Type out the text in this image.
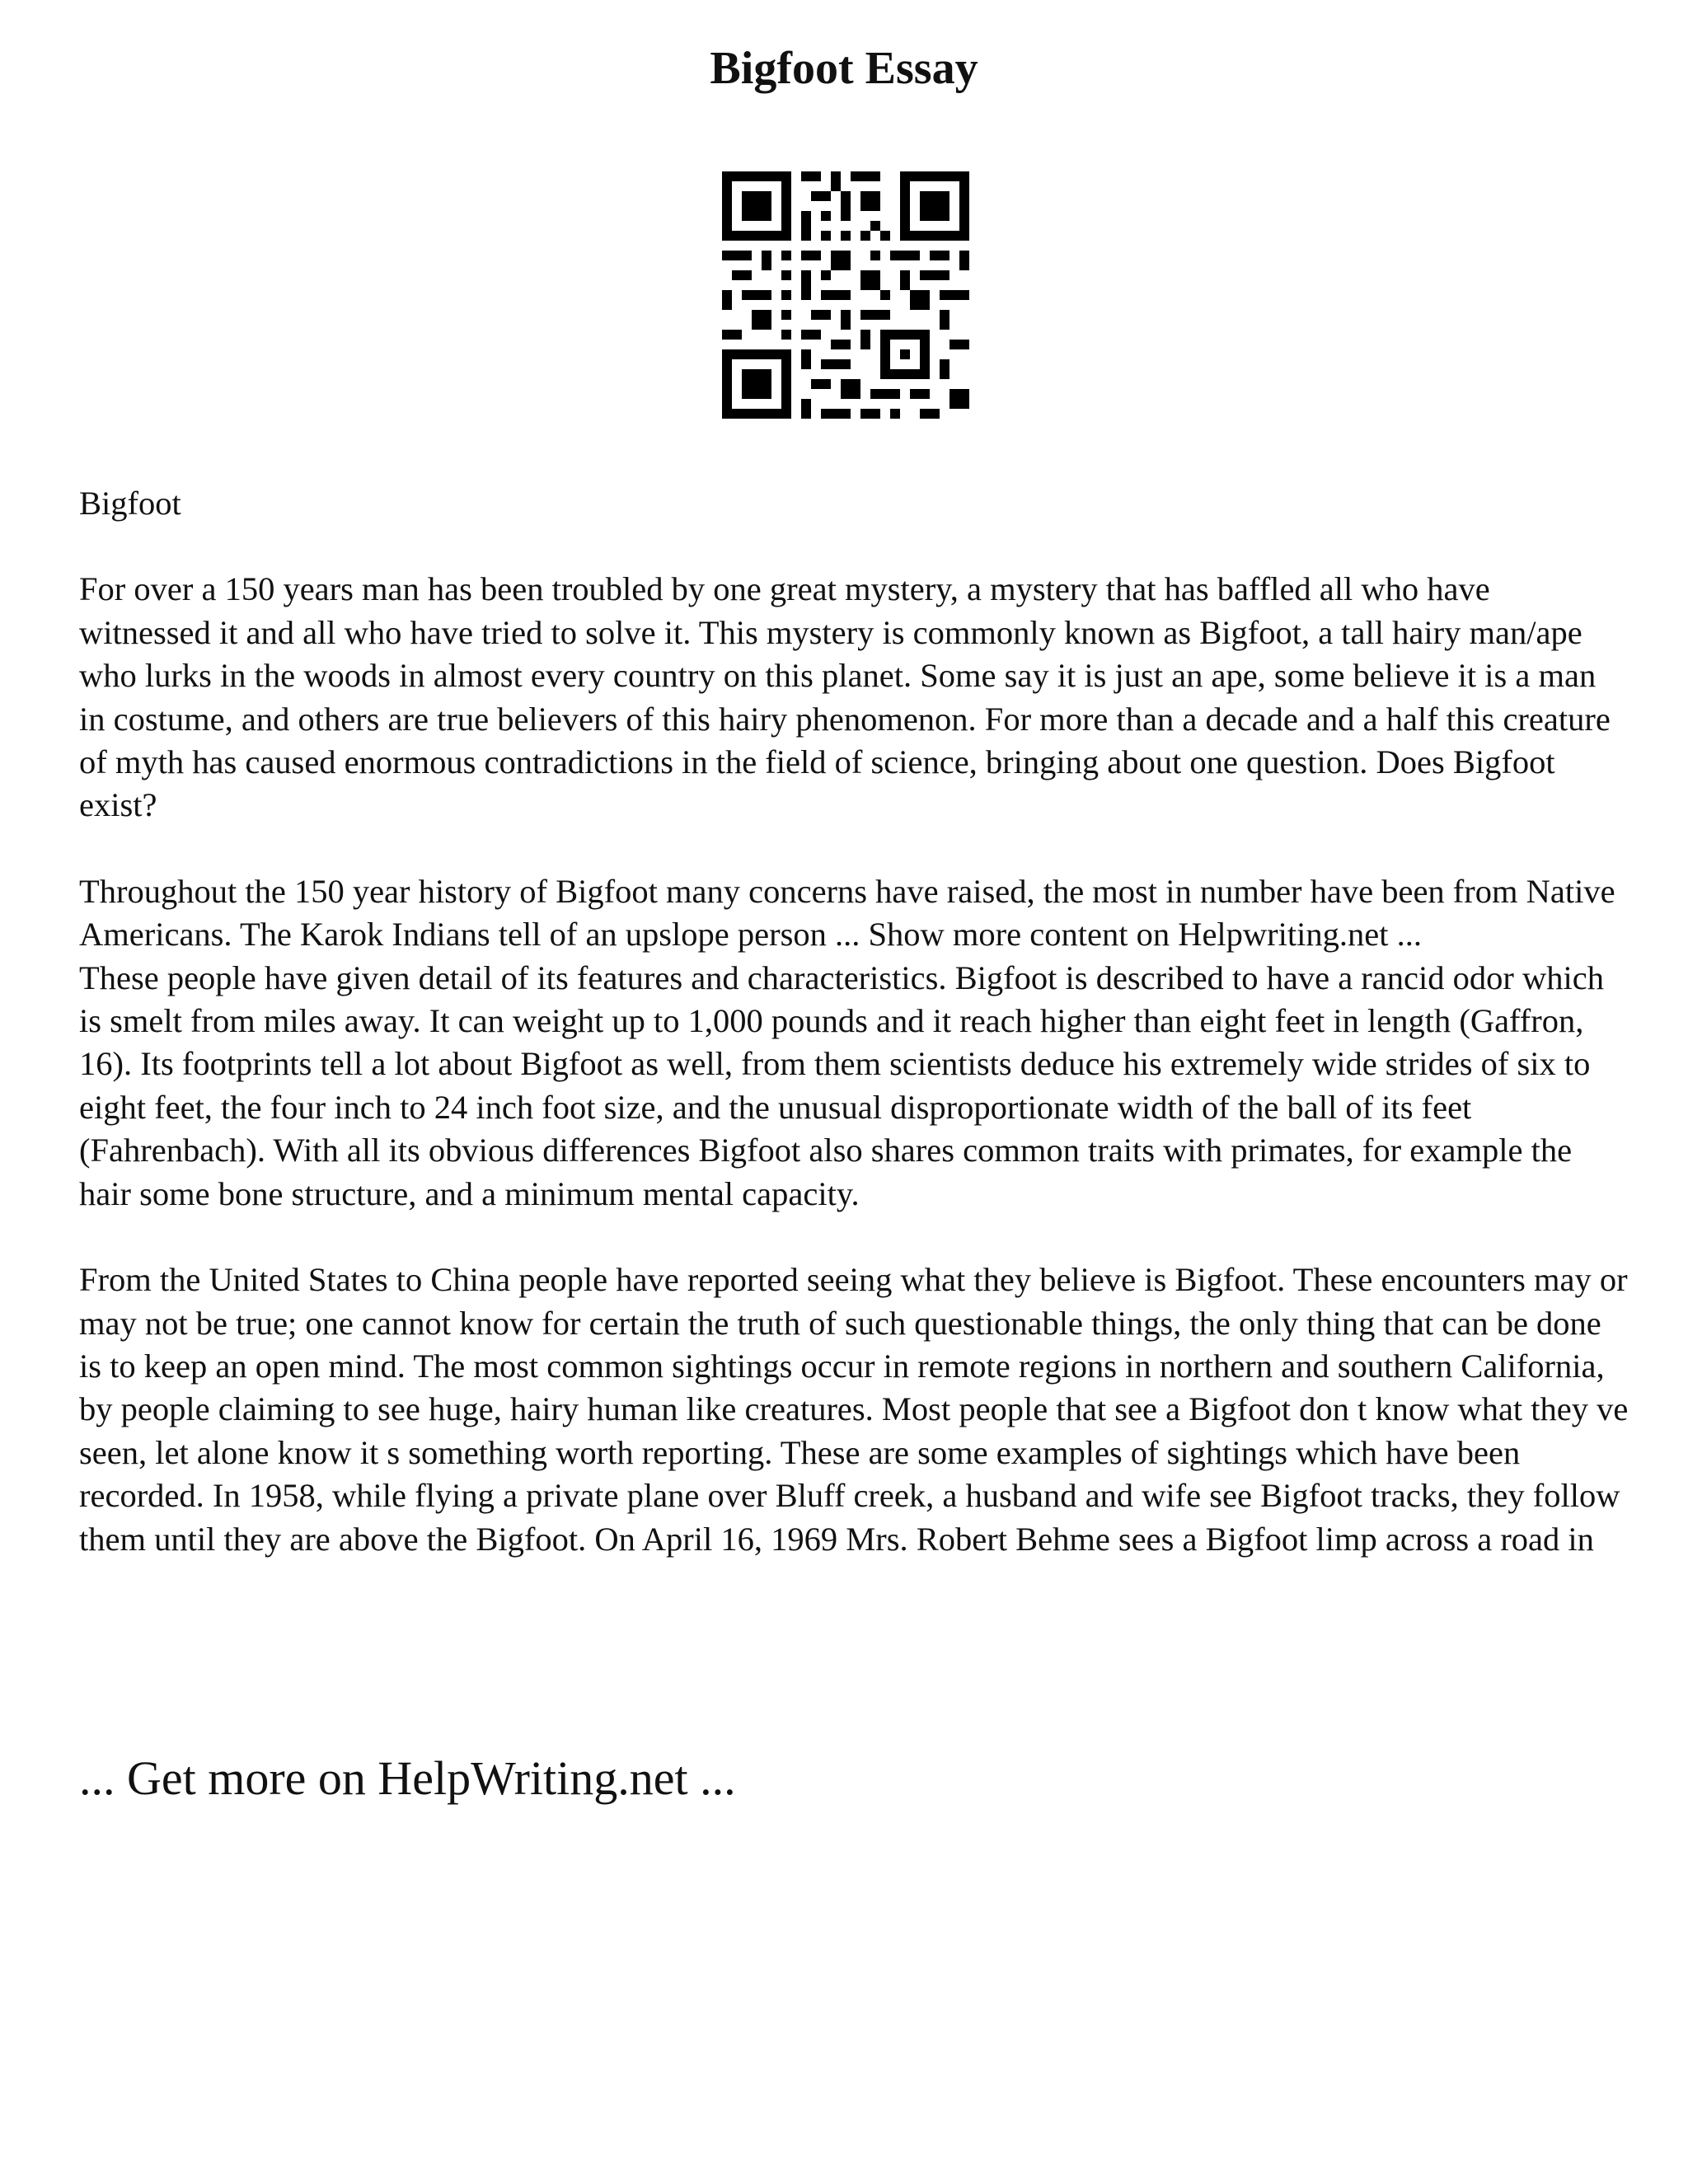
Bigfoot Essay

Bigfoot

For over a 150 years man has been troubled by one great mystery, a mystery that has baffled all who have witnessed it and all who have tried to solve it. This mystery is commonly known as Bigfoot, a tall hairy man/ape who lurks in the woods in almost every country on this planet. Some say it is just an ape, some believe it is a man in costume, and others are true believers of this hairy phenomenon. For more than a decade and a half this creature of myth has caused enormous contradictions in the field of science, bringing about one question. Does Bigfoot exist?

Throughout the 150 year history of Bigfoot many concerns have raised, the most in number have been from Native Americans. The Karok Indians tell of an upslope person ... Show more content on Helpwriting.net ...

These people have given detail of its features and characteristics. Bigfoot is described to have a rancid odor which is smelt from miles away. It can weight up to 1,000 pounds and it reach higher than eight feet in length (Gaffron, 16). Its footprints tell a lot about Bigfoot as well, from them scientists deduce his extremely wide strides of six to eight feet, the four inch to 24 inch foot size, and the unusual disproportionate width of the ball of its feet (Fahrenbach). With all its obvious differences Bigfoot also shares common traits with primates, for example the hair some bone structure, and a minimum mental capacity.

From the United States to China people have reported seeing what they believe is Bigfoot. These encounters may or may not be true; one cannot know for certain the truth of such questionable things, the only thing that can be done is to keep an open mind. The most common sightings occur in remote regions in northern and southern California, by people claiming to see huge, hairy human like creatures. Most people that see a Bigfoot don t know what they ve seen, let alone know it s something worth reporting. These are some examples of sightings which have been recorded. In 1958, while flying a private plane over Bluff creek, a husband and wife see Bigfoot tracks, they follow them until they are above the Bigfoot. On April 16, 1969 Mrs. Robert Behme sees a Bigfoot limp across a road in

... Get more on HelpWriting.net ...
